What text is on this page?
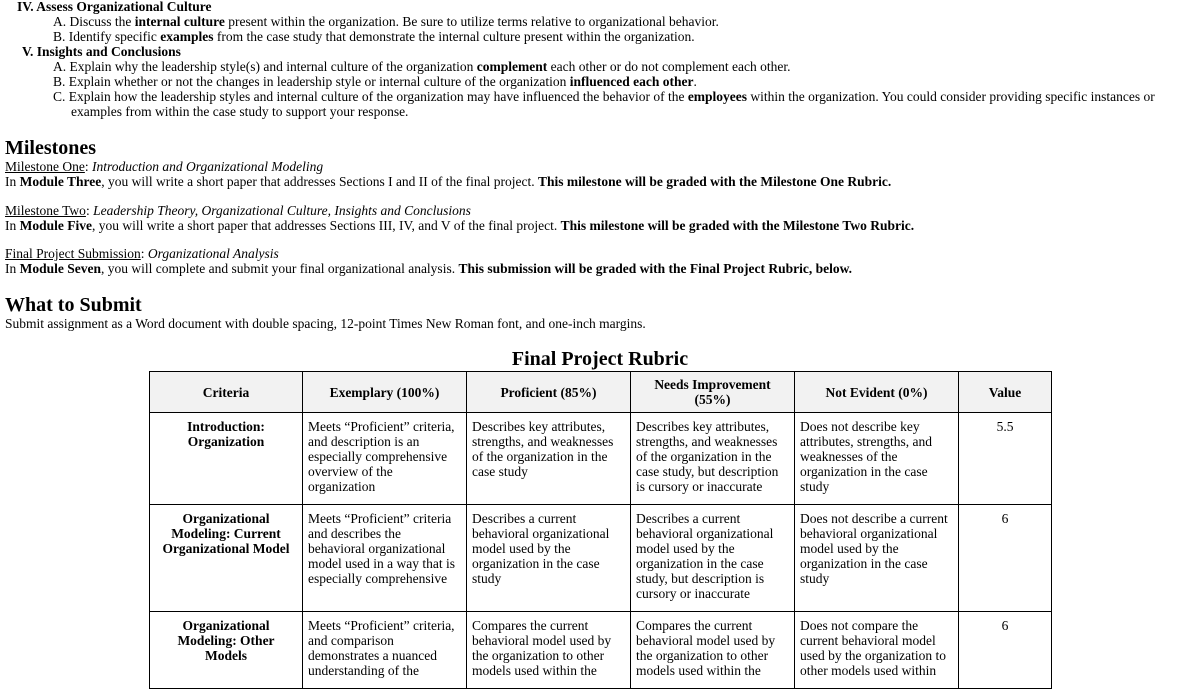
IV. Assess Organizational Culture
A. Discuss the internal culture present within the organization. Be sure to utilize terms relative to organizational behavior.
B. Identify specific examples from the case study that demonstrate the internal culture present within the organization.
V. Insights and Conclusions
A. Explain why the leadership style(s) and internal culture of the organization complement each other or do not complement each other.
B. Explain whether or not the changes in leadership style or internal culture of the organization influenced each other.
C. Explain how the leadership styles and internal culture of the organization may have influenced the behavior of the employees within the organization. You could consider providing specific instances or
examples from within the case study to support your response.
Milestones
Milestone One: Introduction and Organizational Modeling
In Module Three, you will write a short paper that addresses Sections I and II of the final project. This milestone will be graded with the Milestone One Rubric.
Milestone Two: Leadership Theory, Organizational Culture, Insights and Conclusions
In Module Five, you will write a short paper that addresses Sections III, IV, and V of the final project. This milestone will be graded with the Milestone Two Rubric.
Final Project Submission: Organizational Analysis
In Module Seven, you will complete and submit your final organizational analysis. This submission will be graded with the Final Project Rubric, below.
What to Submit
Submit assignment as a Word document with double spacing, 12-point Times New Roman font, and one-inch margins.
Final Project Rubric
Criteria	Exemplary (100%)	Proficient (85%)	Needs Improvement (55%)	Not Evident (0%)	Value
Introduction: Organization	Meets “Proficient” criteria, and description is an especially comprehensive overview of the organization	Describes key attributes, strengths, and weaknesses of the organization in the case study	Describes key attributes, strengths, and weaknesses of the organization in the case study, but description is cursory or inaccurate	Does not describe key attributes, strengths, and weaknesses of the organization in the case study	5.5
Organizational Modeling: Current Organizational Model	Meets “Proficient” criteria and describes the behavioral organizational model used in a way that is especially comprehensive	Describes a current behavioral organizational model used by the organization in the case study	Describes a current behavioral organizational model used by the organization in the case study, but description is cursory or inaccurate	Does not describe a current behavioral organizational model used by the organization in the case study	6
Organizational Modeling: Other Models	Meets “Proficient” criteria, and comparison demonstrates a nuanced understanding of the	Compares the current behavioral model used by the organization to other models used within the	Compares the current behavioral model used by the organization to other models used within the	Does not compare the current behavioral model used by the organization to other models used within	6
